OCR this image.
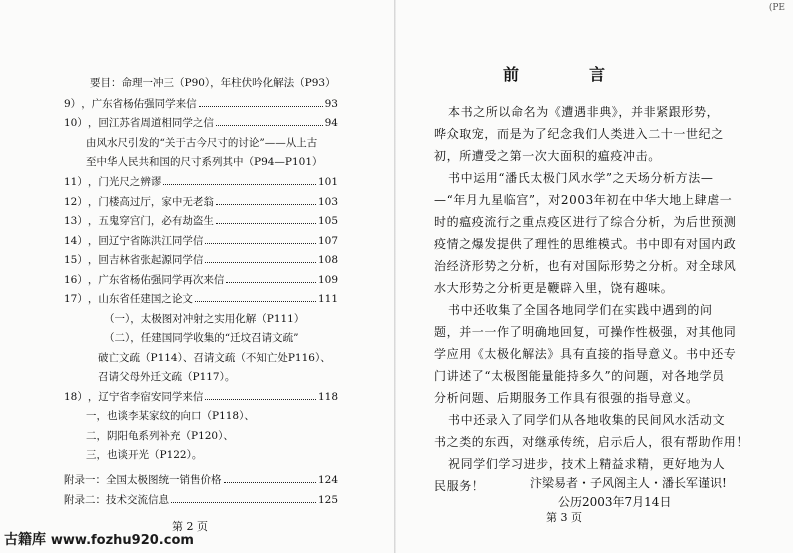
(PE
要目：命理一冲三（P90），年柱伏吟化解法（P93）
9） ，广东省杨佑强同学来信	93
10） ，回江苏省周道相同学之信	94
由风水尺引发的“关于古今尺寸的讨论”——从上古
至中华人民共和国的尺寸系列其中（P94—P101）
11） ，门光尺之辨谬	101
12） ，门楼高过厅，家中无老翁	103
13） ，五鬼穿宫门，必有劫盗生	105
14） ，回辽宁省陈洪江同学信	107
15） ，回吉林省张起源同学信	108
16） ，广东省杨佑强同学再次来信	109
17） ，山东省任建国之论文	111
（一），太极图对冲射之实用化解（P111）
（二），任建国同学收集的“迁坟召请文疏”
破亡文疏（P114）、召请文疏（不知亡处P116）、
召请父母外迁文疏（P117）。
18） ，辽宁省李宿安同学来信	118
一，也谈李某家纹的向口（P118）、
二，阴阳龟系列补充（P120）、
三，也谈开光（P122）。
附录一 ：全国太极图统一销售价格	124
附录二 ：技术交流信息	125
第 2 页
前言
本书之所以命名为《遭遇非典》，并非紧跟形势，
哗众取宠，而是为了纪念我们人类进入二十一世纪之
初，所遭受之第一次大面积的瘟疫冲击。
书中运用“潘氏太极门风水学”之天场分析方法—
—“年月九星临宫”，对2003年初在中华大地上肆虐一
时的瘟疫流行之重点疫区进行了综合分析，为后世预测
疫情之爆发提供了理性的思维模式。书中即有对国内政
治经济形势之分析，也有对国际形势之分析。对全球风
水大形势之分析更是鞭辟入里，饶有趣味。
书中还收集了全国各地同学们在实践中遇到的问
题，并一一作了明确地回复，可操作性极强，对其他同
学应用《太极化解法》具有直接的指导意义。书中还专
门讲述了“太极图能量能持多久”的问题，对各地学员
分析问题、后期服务工作具有很强的指导意义。
书中还录入了同学们从各地收集的民间风水活动文
书之类的东西，对继承传统，启示后人，很有帮助作用！
祝同学们学习进步，技术上精益求精，更好地为人
民服务！	汴梁易者・子风阁主人・潘长军谨识!
公历2003年7月14日
第 3 页
古籍库 www.fozhu920.com
